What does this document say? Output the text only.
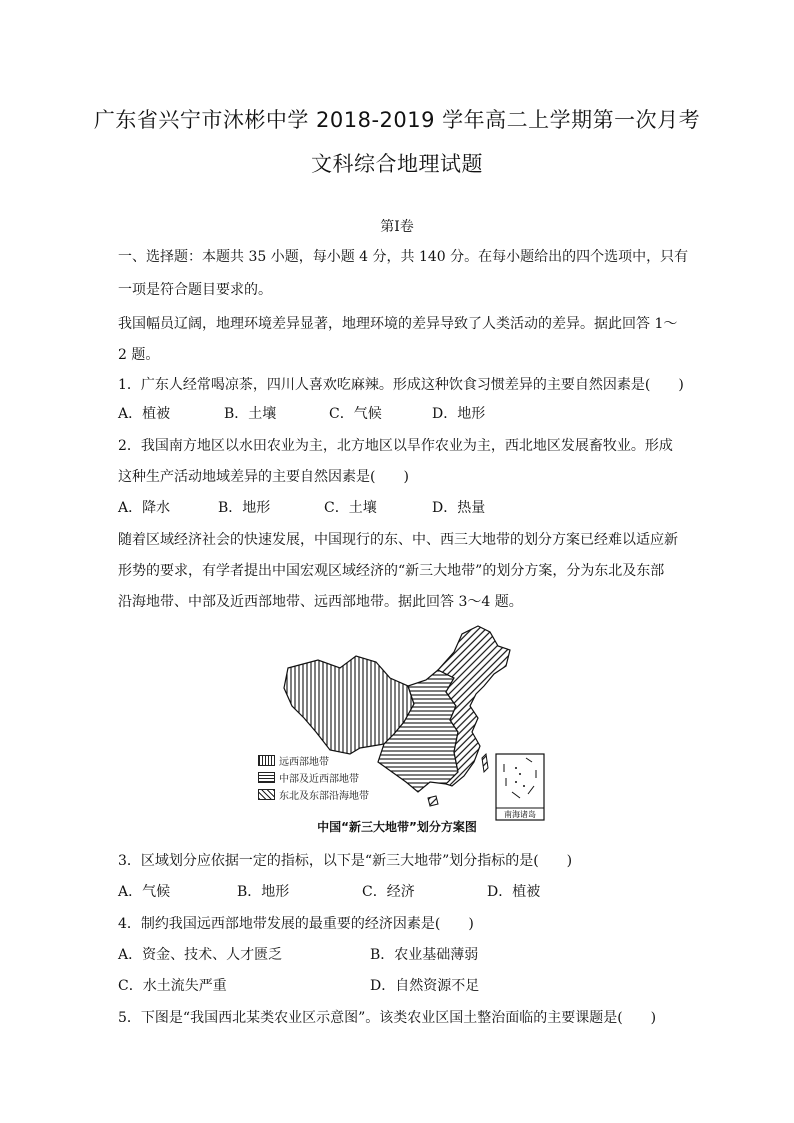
广东省兴宁市沐彬中学 2018-2019 学年高二上学期第一次月考
文科综合地理试题
第Ⅰ卷
一、选择题：本题共 35 小题，每小题 4 分，共 140 分。在每小题给出的四个选项中，只有
一项是符合题目要求的。
我国幅员辽阔，地理环境差异显著，地理环境的差异导致了人类活动的差异。据此回答 1～
2 题。
1．广东人经常喝凉茶，四川人喜欢吃麻辣。形成这种饮食习惯差异的主要自然因素是(　　)
A．植被	B．土壤	C．气候	D．地形
2．我国南方地区以水田农业为主，北方地区以旱作农业为主，西北地区发展畜牧业。形成
这种生产活动地域差异的主要自然因素是(　　)
A．降水	B．地形	C．土壤	D．热量
随着区域经济社会的快速发展，中国现行的东、中、西三大地带的划分方案已经难以适应新
形势的要求，有学者提出中国宏观区域经济的“新三大地带”的划分方案，分为东北及东部
沿海地带、中部及近西部地带、远西部地带。据此回答 3～4 题。
南海诸岛
远西部地带
中部及近西部地带
东北及东部沿海地带
中国“新三大地带”划分方案图
3．区域划分应依据一定的指标，以下是“新三大地带”划分指标的是(　　)
A．气候	B．地形	C．经济	D．植被
4．制约我国远西部地带发展的最重要的经济因素是(　　)
A．资金、技术、人才匮乏	B．农业基础薄弱
C．水土流失严重	D．自然资源不足
5．下图是“我国西北某类农业区示意图”。该类农业区国土整治面临的主要课题是(　　)
